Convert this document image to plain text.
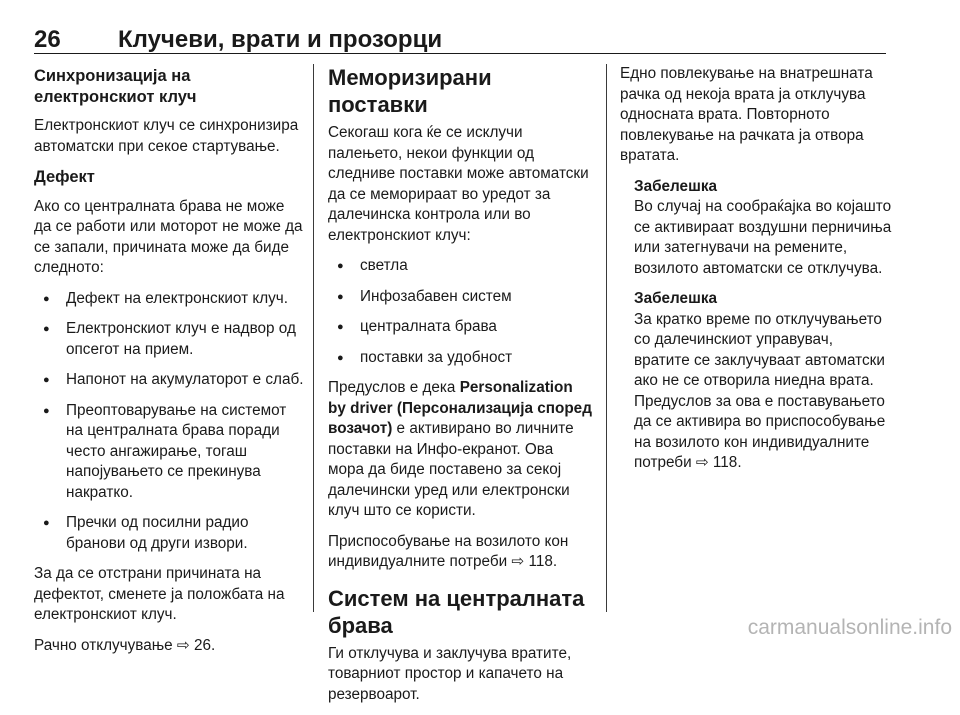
26 Клучеви, врати и прозорци
Синхронизација на електронскиот клуч

Електронскиот клуч се синхронизира автоматски при секое стартување.

Дефект

Ако со централната брава не може да се работи или моторот не може да се запали, причината може да биде следното:

● Дефект на електронскиот клуч.
● Електронскиот клуч е надвор од опсегот на прием.
● Напонот на акумулаторот е слаб.
● Преоптоварување на системот на централната брава поради често ангажирање, тогаш напојувањето се прекинува накратко.
● Пречки од посилни радио бранови од други извори.

За да се отстрани причината на дефектот, сменете ја положбата на електронскиот клуч.

Рачно отклучување ⇨ 26.

Меморизирани поставки

Секогаш кога ќе се исклучи палењето, некои функции од следниве поставки може автоматски да се меморираат во уредот за далечинска контрола или во електронскиот клуч:

● светла
● Инфозабавен систем
● централната брава
● поставки за удобност

Предуслов е дека Personalization by driver (Персонализација според возачот) е активирано во личните поставки на Инфо-екранот. Ова мора да биде поставено за секој далечински уред или електронски клуч што се користи.

Приспособување на возилото кон индивидуалните потреби ⇨ 118.

Систем на централната брава

Ги отклучува и заклучува вратите, товарниот простор и капачето на резервоарот.

Едно повлекување на внатрешната рачка од некоја врата ја отклучува односната врата. Повторното повлекување на рачката ја отвора вратата.

Забелешка
Во случај на сообраќајка во којашто се активираат воздушни перничиња или затегнувачи на ремените, возилото автоматски се отклучува.

Забелешка
За кратко време по отклучувањето со далечинскиот управувач, вратите се заклучуваат автоматски ако не се отворила ниедна врата.

Предуслов за ова е поставувањето да се активира во приспособување на возилото кон индивидуалните потреби ⇨ 118.

carmanualsonline.info
